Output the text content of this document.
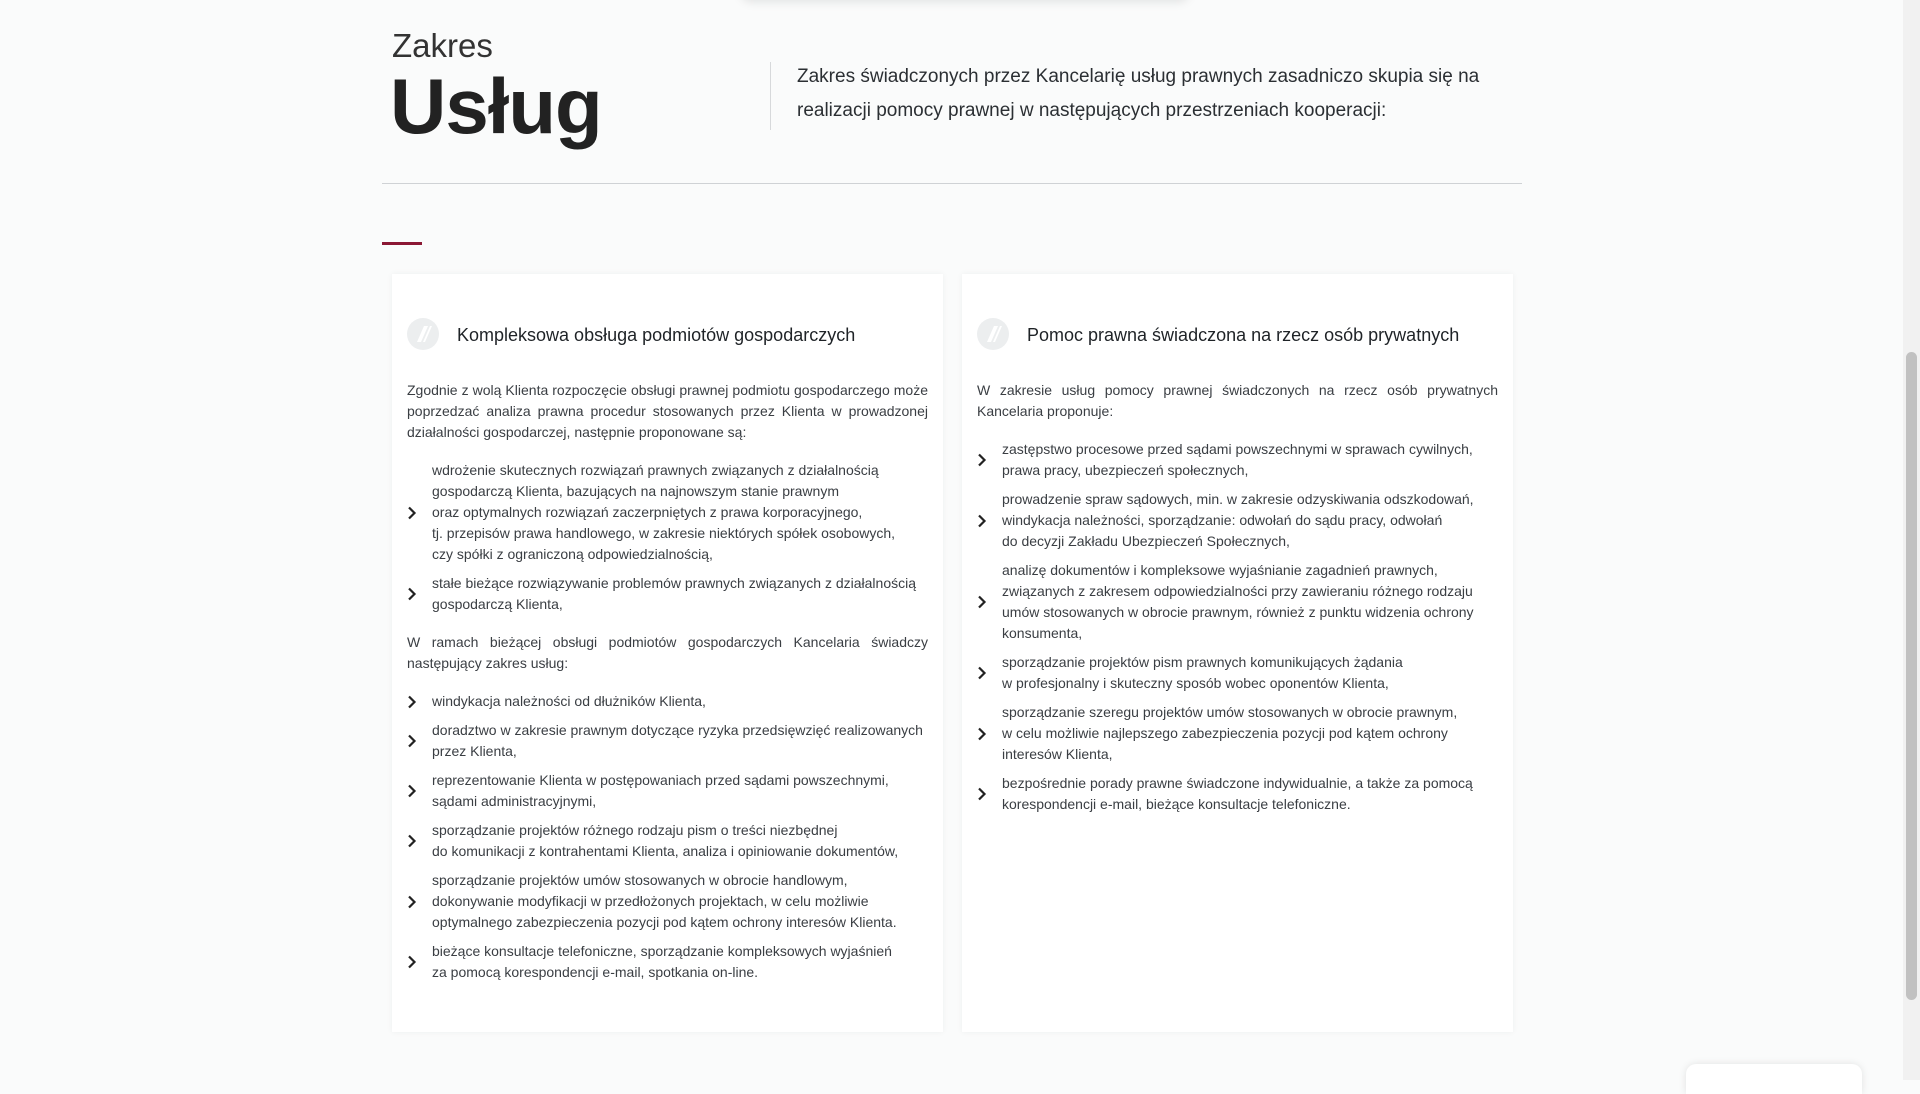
Zakres
Usług	Zakres świadczonych przez Kancelarię usług prawnych zasadniczo skupia się na realizacji pomocy prawnej w następujących przestrzeniach kooperacji:
Kompleksowa obsługa podmiotów gospodarczych

Zgodnie z wolą Klienta rozpoczęcie obsługi prawnej podmiotu gospodarczego może poprzedzać analiza prawna procedur stosowanych przez Klienta w prowadzonej działalności gospodarczej, następnie proponowane są:

wdrożenie skutecznych rozwiązań prawnych związanych z działalnością
gospodarczą Klienta, bazujących na najnowszym stanie prawnym
oraz optymalnych rozwiązań zaczerpniętych z prawa korporacyjnego,
tj. przepisów prawa handlowego, w zakresie niektórych spółek osobowych,
czy spółki z ograniczoną odpowiedzialnością,
stałe bieżące rozwiązywanie problemów prawnych związanych z działalnością
gospodarczą Klienta,

W ramach bieżącej obsługi podmiotów gospodarczych Kancelaria świadczy następujący zakres usług:

windykacja należności od dłużników Klienta,
doradztwo w zakresie prawnym dotyczące ryzyka przedsięwzięć realizowanych
przez Klienta,
reprezentowanie Klienta w postępowaniach przed sądami powszechnymi,
sądami administracyjnymi,
sporządzanie projektów różnego rodzaju pism o treści niezbędnej
do komunikacji z kontrahentami Klienta, analiza i opiniowanie dokumentów,
sporządzanie projektów umów stosowanych w obrocie handlowym,
dokonywanie modyfikacji w przedłożonych projektach, w celu możliwie
optymalnego zabezpieczenia pozycji pod kątem ochrony interesów Klienta.
bieżące konsultacje telefoniczne, sporządzanie kompleksowych wyjaśnień
za pomocą korespondencji e-mail, spotkania on-line.
Pomoc prawna świadczona na rzecz osób prywatnych

W zakresie usług pomocy prawnej świadczonych na rzecz osób prywatnych Kancelaria proponuje:

zastępstwo procesowe przed sądami powszechnymi w sprawach cywilnych,
prawa pracy, ubezpieczeń społecznych,
prowadzenie spraw sądowych, min. w zakresie odzyskiwania odszkodowań,
windykacja należności, sporządzanie: odwołań do sądu pracy, odwołań
do decyzji Zakładu Ubezpieczeń Społecznych,
analizę dokumentów i kompleksowe wyjaśnianie zagadnień prawnych,
związanych z zakresem odpowiedzialności przy zawieraniu różnego rodzaju
umów stosowanych w obrocie prawnym, również z punktu widzenia ochrony
konsumenta,
sporządzanie projektów pism prawnych komunikujących żądania
w profesjonalny i skuteczny sposób wobec oponentów Klienta,
sporządzanie szeregu projektów umów stosowanych w obrocie prawnym,
w celu możliwie najlepszego zabezpieczenia pozycji pod kątem ochrony
interesów Klienta,
bezpośrednie porady prawne świadczone indywidualnie, a także za pomocą
korespondencji e-mail, bieżące konsultacje telefoniczne.
